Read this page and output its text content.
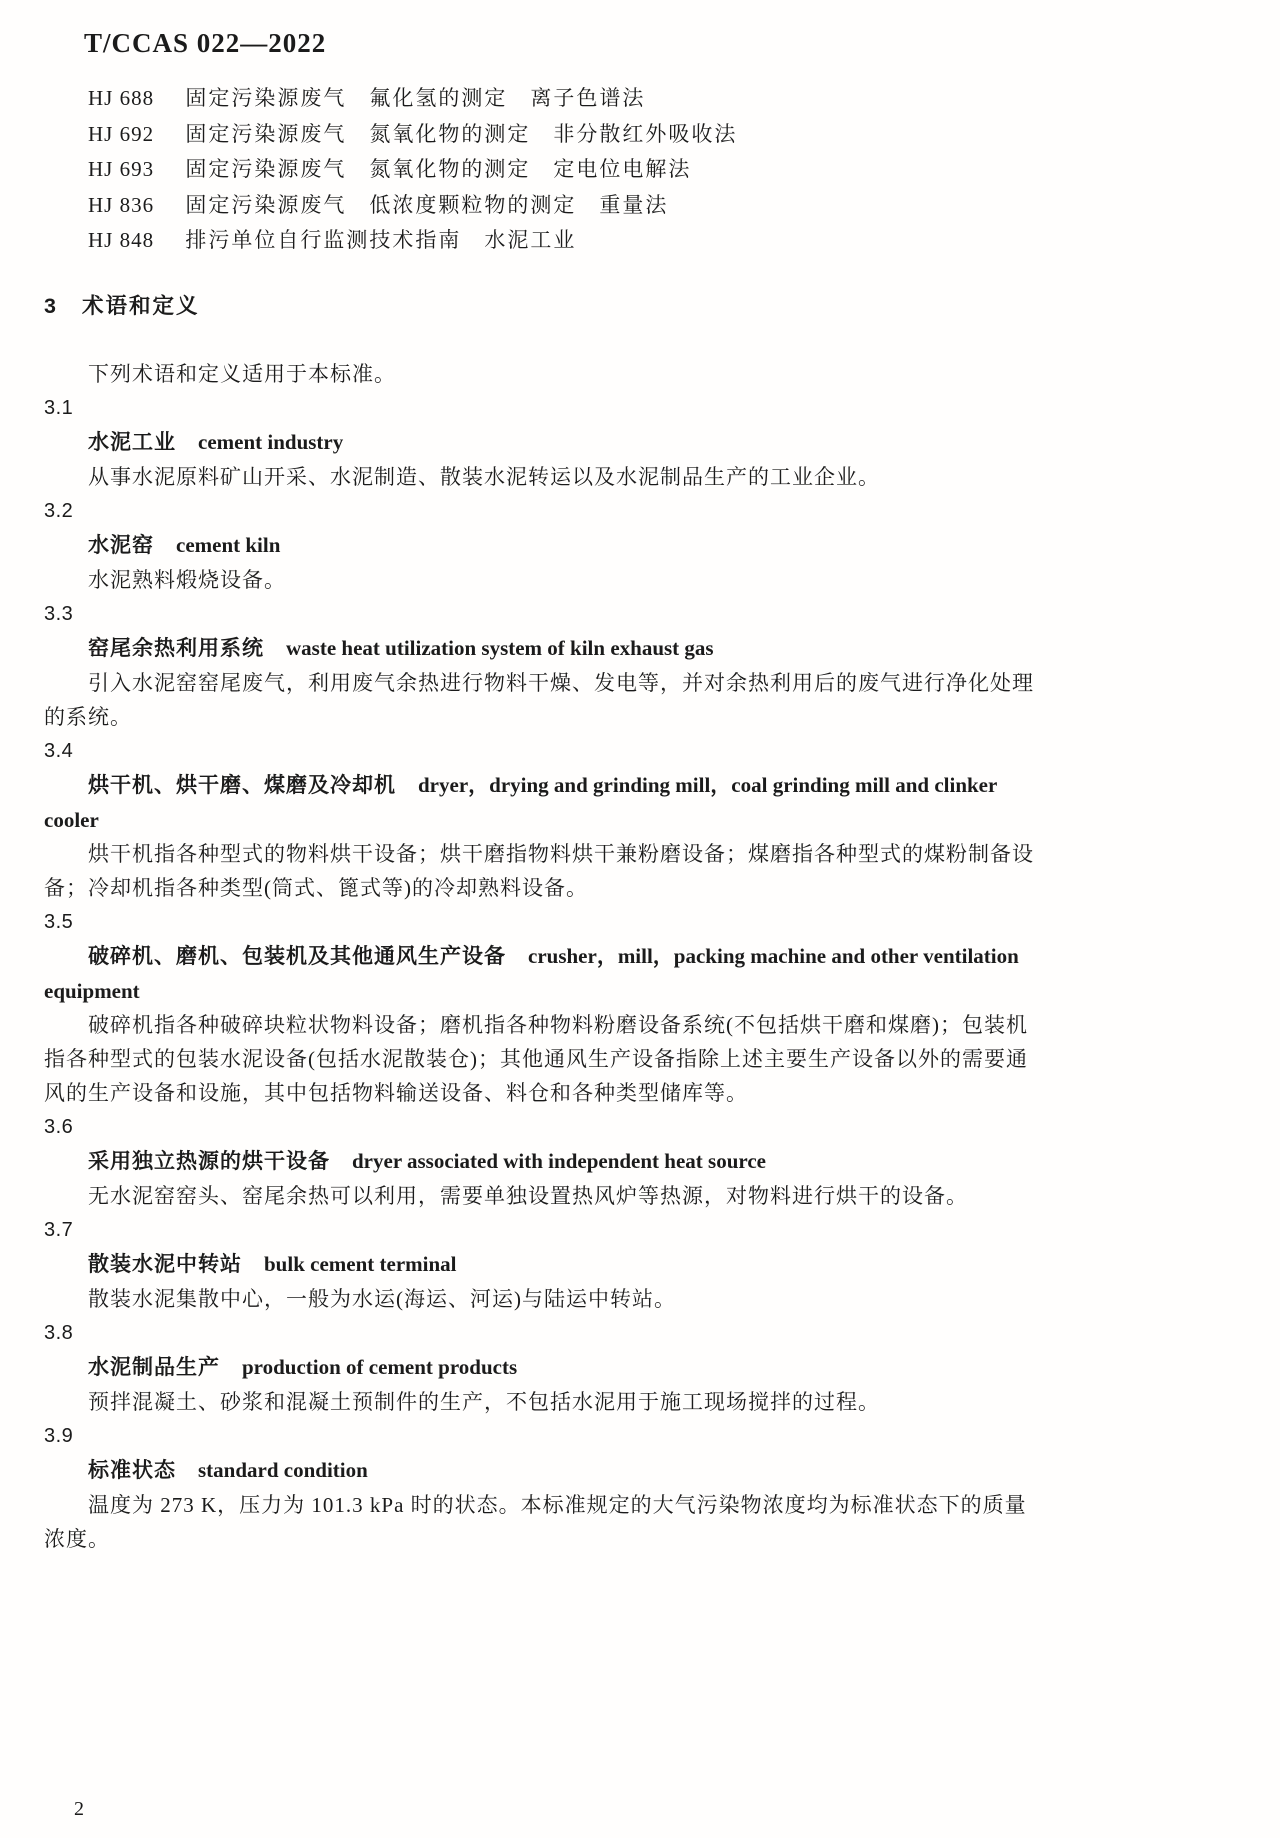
T/CCAS 022—2022

HJ 688 固定污染源废气　氟化氢的测定　离子色谱法

HJ 692 固定污染源废气　氮氧化物的测定　非分散红外吸收法

HJ 693 固定污染源废气　氮氧化物的测定　定电位电解法

HJ 836 固定污染源废气　低浓度颗粒物的测定　重量法

HJ 848 排污单位自行监测技术指南　水泥工业

3 术语和定义

下列术语和定义适用于本标准。

3.1

水泥工业 cement industry

从事水泥原料矿山开采、水泥制造、散装水泥转运以及水泥制品生产的工业企业。

3.2

水泥窑 cement kiln

水泥熟料煅烧设备。

3.3

窑尾余热利用系统 waste heat utilization system of kiln exhaust gas

引入水泥窑窑尾废气，利用废气余热进行物料干燥、发电等，并对余热利用后的废气进行净化处理的系统。

3.4

烘干机、烘干磨、煤磨及冷却机 dryer，drying and grinding mill，coal grinding mill and clinker cooler

烘干机指各种型式的物料烘干设备；烘干磨指物料烘干兼粉磨设备；煤磨指各种型式的煤粉制备设备；冷却机指各种类型(筒式、篦式等)的冷却熟料设备。

3.5

破碎机、磨机、包装机及其他通风生产设备 crusher，mill，packing machine and other ventilation equipment

破碎机指各种破碎块粒状物料设备；磨机指各种物料粉磨设备系统(不包括烘干磨和煤磨)；包装机指各种型式的包装水泥设备(包括水泥散装仓)；其他通风生产设备指除上述主要生产设备以外的需要通风的生产设备和设施，其中包括物料输送设备、料仓和各种类型储库等。

3.6

采用独立热源的烘干设备 dryer associated with independent heat source

无水泥窑窑头、窑尾余热可以利用，需要单独设置热风炉等热源，对物料进行烘干的设备。

3.7

散装水泥中转站 bulk cement terminal

散装水泥集散中心，一般为水运(海运、河运)与陆运中转站。

3.8

水泥制品生产 production of cement products

预拌混凝土、砂浆和混凝土预制件的生产，不包括水泥用于施工现场搅拌的过程。

3.9

标准状态 standard condition

温度为 273 K，压力为 101.3 kPa 时的状态。本标准规定的大气污染物浓度均为标准状态下的质量浓度。

2
